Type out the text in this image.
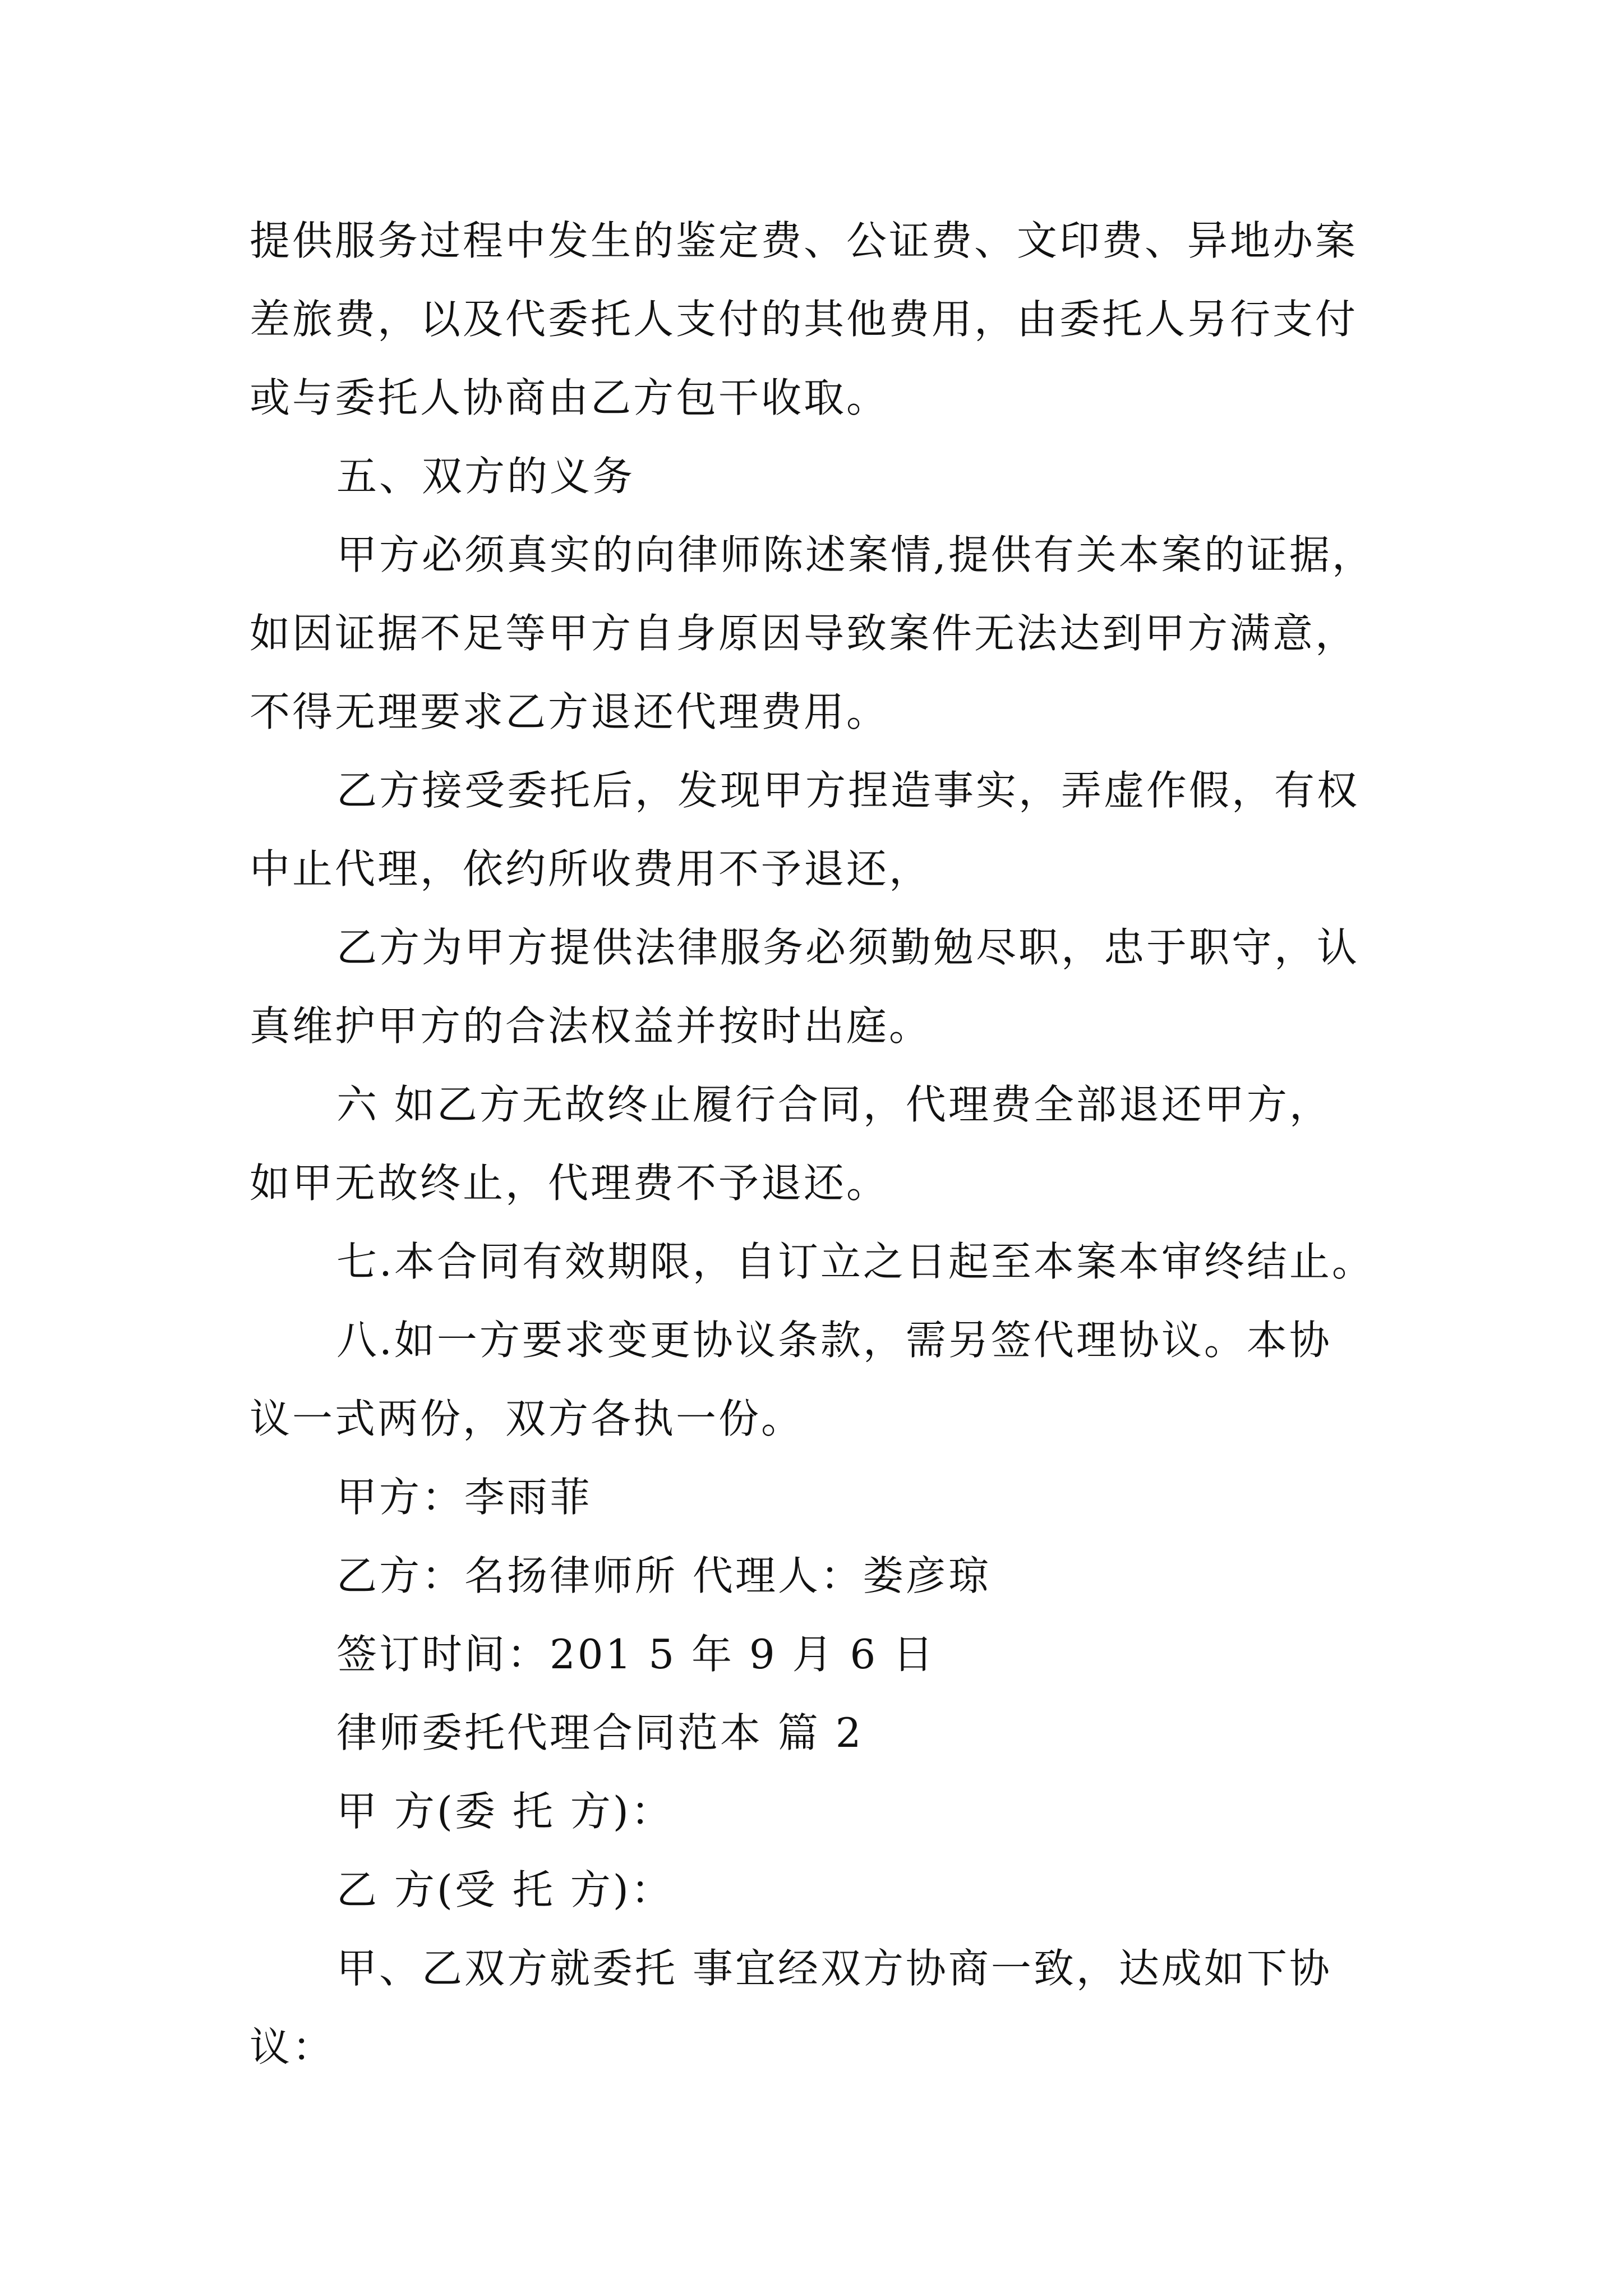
提供服务过程中发生的鉴定费、公证费、文印费、异地办案
差旅费，以及代委托人支付的其他费用，由委托人另行支付
或与委托人协商由乙方包干收取。
五、双方的义务
甲方必须真实的向律师陈述案情,提供有关本案的证据，
如因证据不足等甲方自身原因导致案件无法达到甲方满意，
不得无理要求乙方退还代理费用。
乙方接受委托后，发现甲方捏造事实，弄虚作假，有权
中止代理，依约所收费用不予退还，
乙方为甲方提供法律服务必须勤勉尽职，忠于职守，认
真维护甲方的合法权益并按时出庭。
六 如乙方无故终止履行合同，代理费全部退还甲方，
如甲无故终止，代理费不予退还。
七.本合同有效期限，自订立之日起至本案本审终结止。
八.如一方要求变更协议条款，需另签代理协议。本协
议一式两份，双方各执一份。
甲方：李雨菲
乙方：名扬律师所 代理人：娄彦琼
签订时间：201 5 年 9 月 6 日
律师委托代理合同范本 篇 2
甲 方(委 托 方)：
乙 方(受 托 方)：
甲、乙双方就委托 事宜经双方协商一致，达成如下协
议：
